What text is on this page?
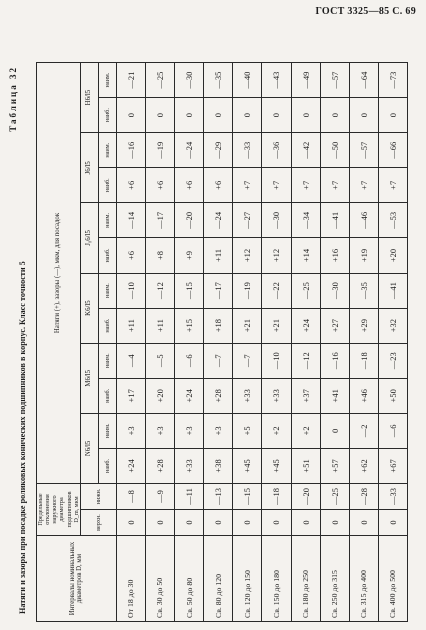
ГОСТ 3325—85 С. 69
Натяги и зазоры при посадке роликовых конических подшипников в корпус. Класс точности 5
Таблица 32
Интервалы номинальных диаметров D, мм	Предельные отклонения наружного диаметра подшипников D_m, мкм		Натяги (+), зазоры (—), мкм, для посадок											
	верхн.	нижн.	N6/l5		M6/l5		K6/l5		J₀6/l5		J6/l5		H6/l5	
			наиб.	наим.	наиб.	наим.	наиб.	наим.	наиб.	наим.	наиб.	наим.	наиб.	наим.
От 18 до 30	0	—8	+24	+3	+17	—4	+11	—10	+6	—14	+6	—16	0	—21
Св. 30 до 50	0	—9	+28	+3	+20	—5	+11	—12	+8	—17	+6	—19	0	—25
Св. 50 до 80	0	—11	+33	+3	+24	—6	+15	—15	+9	—20	+6	—24	0	—30
Св. 80 до 120	0	—13	+38	+3	+28	—7	+18	—17	+11	—24	+6	—29	0	—35
Св. 120 до 150	0	—15	+45	+5	+33	—7	+21	—19	+12	—27	+7	—33	0	—40
Св. 150 до 180	0	—18	+45	+2	+33	—10	+21	—22	+12	—30	+7	—36	0	—43
Св. 180 до 250	0	—20	+51	+2	+37	—12	+24	—25	+14	—34	+7	—42	0	—49
Св. 250 до 315	0	—25	+57	0	+41	—16	+27	—30	+16	—41	+7	—50	0	—57
Св. 315 до 400	0	—28	+62	—2	+46	—18	+29	—35	+19	—46	+7	—57	0	—64
Св. 400 до 500	0	—33	+67	—6	+50	—23	+32	—41	+20	—53	+7	—66	0	—73
